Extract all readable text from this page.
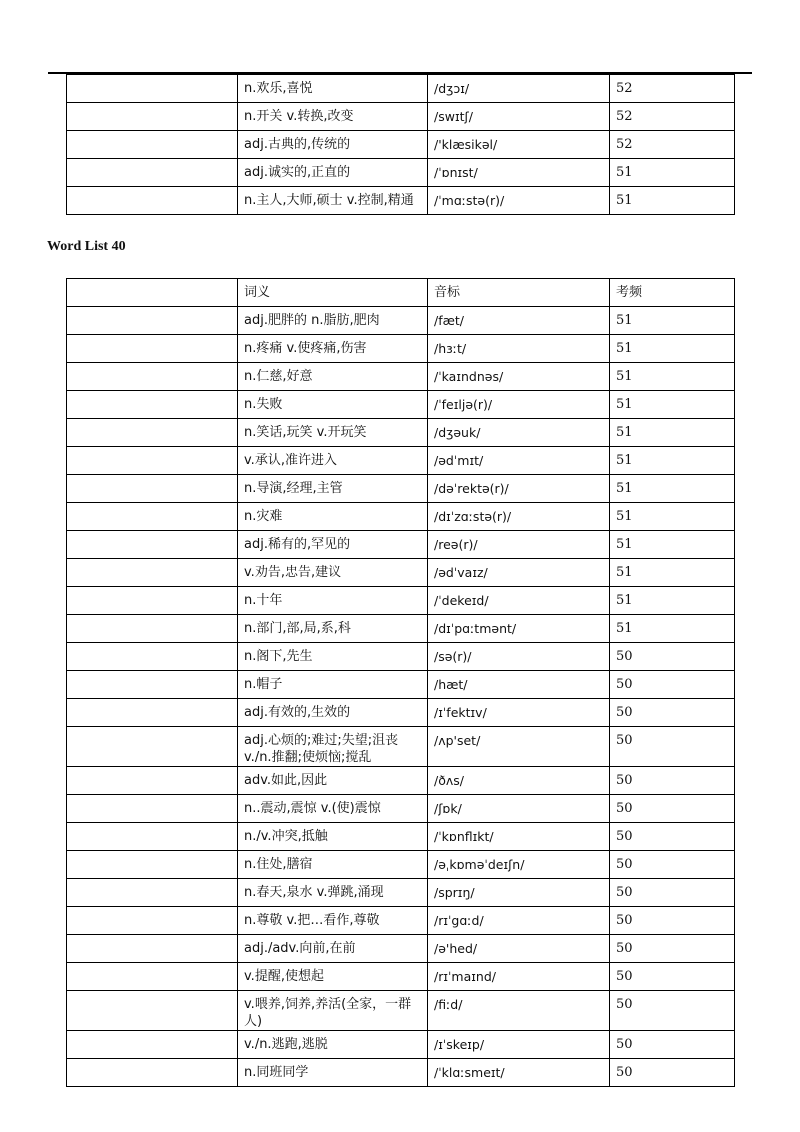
	n.欢乐,喜悦	/dʒɔɪ/	52
	n.开关 v.转换,改变	/swɪtʃ/	52
	adj.古典的,传统的	/'klæsikəl/	52
	adj.诚实的,正直的	/ˈɒnɪst/	51
	n.主人,大师,硕士 v.控制,精通	/ˈmɑːstə(r)/	51
Word List 40
	词义	音标	考频
	adj.肥胖的 n.脂肪,肥肉	/fæt/	51
	n.疼痛 v.使疼痛,伤害	/hɜːt/	51
	n.仁慈,好意	/ˈkaɪndnəs/	51
	n.失败	/ˈfeɪljə(r)/	51
	n.笑话,玩笑 v.开玩笑	/dʒəuk/	51
	v.承认,准许进入	/ədˈmɪt/	51
	n.导演,经理,主管	/dəˈrektə(r)/	51
	n.灾难	/dɪˈzɑːstə(r)/	51
	adj.稀有的,罕见的	/reə(r)/	51
	v.劝告,忠告,建议	/ədˈvaɪz/	51
	n.十年	/ˈdekeɪd/	51
	n.部门,部,局,系,科	/dɪˈpɑːtmənt/	51
	n.阁下,先生	/sə(r)/	50
	n.帽子	/hæt/	50
	adj.有效的,生效的	/ɪˈfektɪv/	50
	adj.心烦的;难过;失望;沮丧 v./n.推翻;使烦恼;搅乱	/ʌp'set/	50
	adv.如此,因此	/ðʌs/	50
	n..震动,震惊 v.(使)震惊	/ʃɒk/	50
	n./v.冲突,抵触	/ˈkɒnflɪkt/	50
	n.住处,膳宿	/əˌkɒməˈdeɪʃn/	50
	n.春天,泉水 v.弹跳,涌现	/sprɪŋ/	50
	n.尊敬 v.把…看作,尊敬	/rɪˈgɑːd/	50
	adj./adv.向前,在前	/ə'hed/	50
	v.提醒,使想起	/rɪˈmaɪnd/	50
	v.喂养,饲养,养活(全家，一群人)	/fiːd/	50
	v./n.逃跑,逃脱	/ɪˈskeɪp/	50
	n.同班同学	/ˈklɑːsmeɪt/	50
